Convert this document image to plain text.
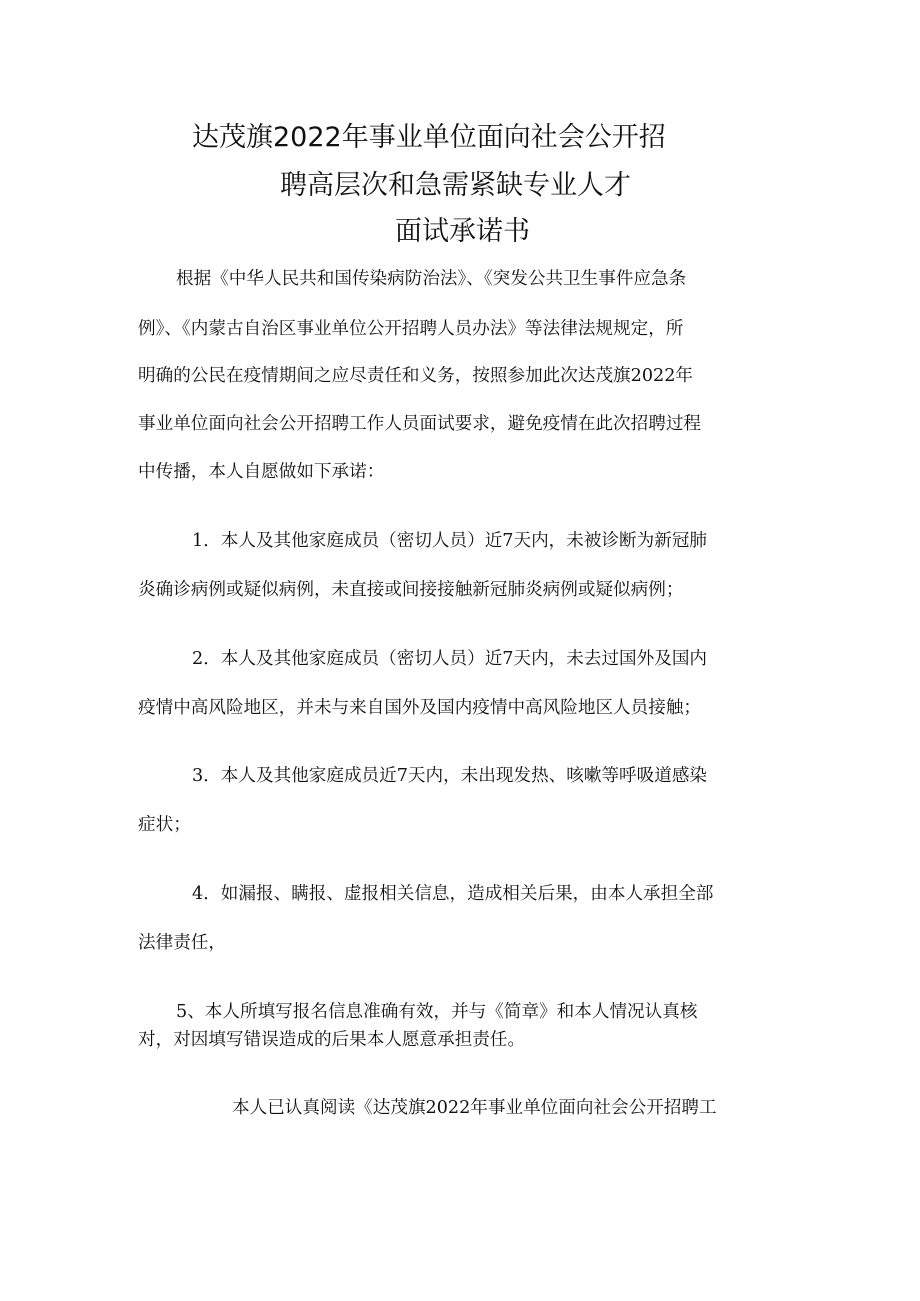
达茂旗2022年事业单位面向社会公开招
聘高层次和急需紧缺专业人才
面试承诺书
根据《中华人民共和国传染病防治法》、《突发公共卫生事件应急条
例》、《内蒙古自治区事业单位公开招聘人员办法》等法律法规规定，所
明确的公民在疫情期间之应尽责任和义务，按照参加此次达茂旗2022年
事业单位面向社会公开招聘工作人员面试要求，避免疫情在此次招聘过程
中传播，本人自愿做如下承诺：
1．本人及其他家庭成员（密切人员）近7天内，未被诊断为新冠肺
炎确诊病例或疑似病例，未直接或间接接触新冠肺炎病例或疑似病例；
2．本人及其他家庭成员（密切人员）近7天内，未去过国外及国内
疫情中高风险地区，并未与来自国外及国内疫情中高风险地区人员接触；
3．本人及其他家庭成员近7天内，未出现发热、咳嗽等呼吸道感染
症状；
4．如漏报、瞒报、虚报相关信息，造成相关后果，由本人承担全部
法律责任，
5、本人所填写报名信息准确有效，并与《简章》和本人情况认真核
对，对因填写错误造成的后果本人愿意承担责任。
本人已认真阅读《达茂旗2022年事业单位面向社会公开招聘工
